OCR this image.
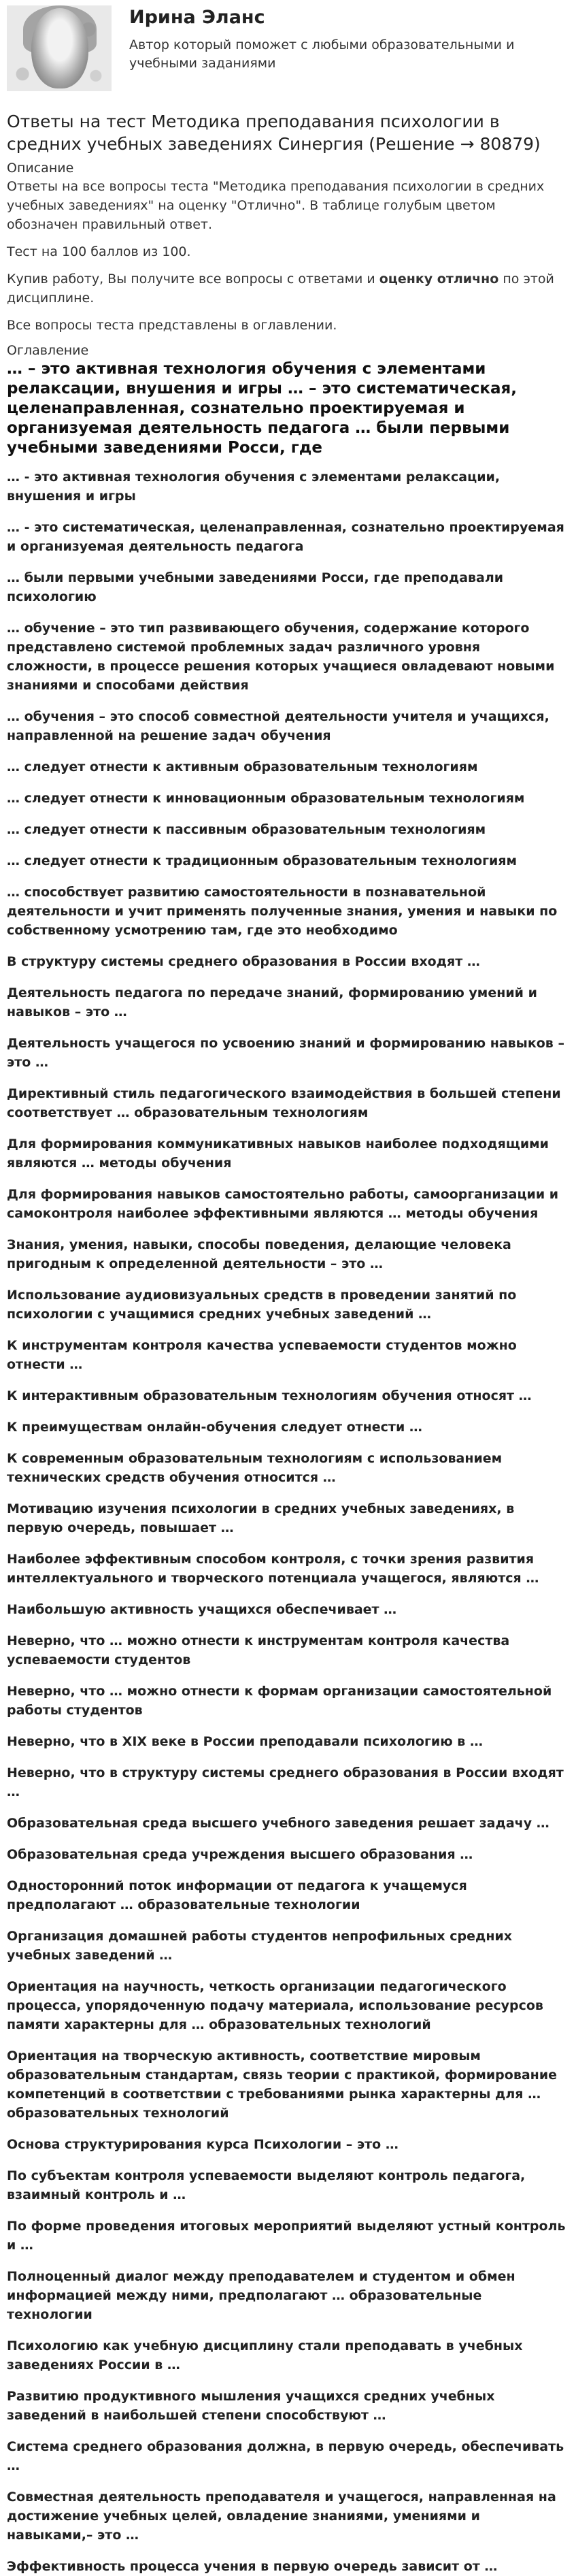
Ирина Эланс
Автор который поможет с любыми образовательными и учебными заданиями
Ответы на тест Методика преподавания психологии в средних учебных заведениях Синергия (Решение → 80879)
Описание

Ответы на все вопросы теста "Методика преподавания психологии в средних учебных заведениях" на оценку "Отлично". В таблице голубым цветом обозначен правильный ответ.

Тест на 100 баллов из 100.

Купив работу, Вы получите все вопросы с ответами и оценку отлично по этой дисциплине.

Все вопросы теста представлены в оглавлении.

Оглавление
… – это активная технология обучения с элементами релаксации, внушения и игры … – это систематическая, целенаправленная, сознательно проектируемая и организуемая деятельность педагога … были первыми учебными заведениями Росси, где
… - это активная технология обучения с элементами релаксации, внушения и игры
… - это систематическая, целенаправленная, сознательно проектируемая и организуемая деятельность педагога
… были первыми учебными заведениями Росси, где преподавали психологию
… обучение – это тип развивающего обучения, содержание которого представлено системой проблемных задач различного уровня сложности, в процессе решения которых учащиеся овладевают новыми знаниями и способами действия
… обучения – это способ совместной деятельности учителя и учащихся, направленной на решение задач обучения
… следует отнести к активным образовательным технологиям
… следует отнести к инновационным образовательным технологиям
… следует отнести к пассивным образовательным технологиям
… следует отнести к традиционным образовательным технологиям
… способствует развитию самостоятельности в познавательной деятельности и учит применять полученные знания, умения и навыки по собственному усмотрению там, где это необходимо
В структуру системы среднего образования в России входят …
Деятельность педагога по передаче знаний, формированию умений и навыков – это …
Деятельность учащегося по усвоению знаний и формированию навыков – это …
Директивный стиль педагогического взаимодействия в большей степени соответствует … образовательным технологиям
Для формирования коммуникативных навыков наиболее подходящими являются … методы обучения
Для формирования навыков самостоятельно работы, самоорганизации и самоконтроля наиболее эффективными являются … методы обучения
Знания, умения, навыки, способы поведения, делающие человека пригодным к определенной деятельности – это …
Использование аудиовизуальных средств в проведении занятий по психологии с учащимися средних учебных заведений …
К инструментам контроля качества успеваемости студентов можно отнести …
К интерактивным образовательным технологиям обучения относят …
К преимуществам онлайн-обучения следует отнести …
К современным образовательным технологиям с использованием технических средств обучения относится …
Мотивацию изучения психологии в средних учебных заведениях, в первую очередь, повышает …
Наиболее эффективным способом контроля, с точки зрения развития интеллектуального и творческого потенциала учащегося, являются …
Наибольшую активность учащихся обеспечивает …
Неверно, что … можно отнести к инструментам контроля качества успеваемости студентов
Неверно, что … можно отнести к формам организации самостоятельной работы студентов
Неверно, что в XIX веке в России преподавали психологию в …
Неверно, что в структуру системы среднего образования в России входят …
Образовательная среда высшего учебного заведения решает задачу …
Образовательная среда учреждения высшего образования …
Односторонний поток информации от педагога к учащемуся предполагают … образовательные технологии
Организация домашней работы студентов непрофильных средних учебных заведений …
Ориентация на научность, четкость организации педагогического процесса, упорядоченную подачу материала, использование ресурсов памяти характерны для … образовательных технологий
Ориентация на творческую активность, соответствие мировым образовательным стандартам, связь теории с практикой, формирование компетенций в соответствии с требованиями рынка характерны для … образовательных технологий
Основа структурирования курса Психологии – это …
По субъектам контроля успеваемости выделяют контроль педагога, взаимный контроль и …
По форме проведения итоговых мероприятий выделяют устный контроль и …
Полноценный диалог между преподавателем и студентом и обмен информацией между ними, предполагают … образовательные технологии
Психологию как учебную дисциплину стали преподавать в учебных заведениях России в …
Развитию продуктивного мышления учащихся средних учебных заведений в наибольшей степени способствуют …
Система среднего образования должна, в первую очередь, обеспечивать …
Совместная деятельность преподавателя и учащегося, направленная на достижение учебных целей, овладение знаниями, умениями и навыками,– это …
Эффективность процесса учения в первую очередь зависит от …
